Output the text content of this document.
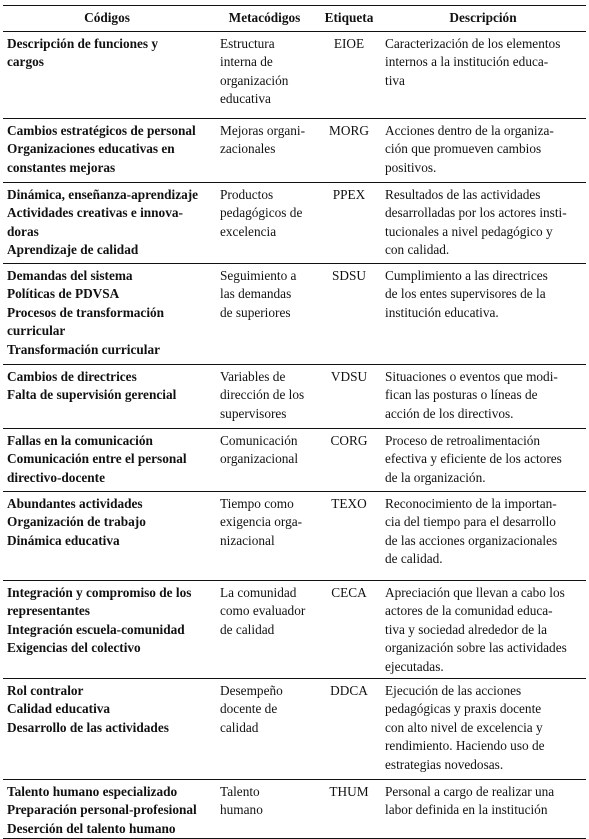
Códigos	Metacódigos	Etiqueta	Descripción

Descripción de funciones y
cargos	Estructura
interna de
organización
educativa	EIOE	Caracterización de los elementos
internos a la institución educa-
tiva

Cambios estratégicos de personal
Organizaciones educativas en
constantes mejoras	Mejoras organi-
zacionales	MORG	Acciones dentro de la organiza-
ción que promueven cambios
positivos.

Dinámica, enseñanza-aprendizaje
Actividades creativas e innova-
doras
Aprendizaje de calidad	Productos
pedagógicos de
excelencia	PPEX	Resultados de las actividades
desarrolladas por los actores insti-
tucionales a nivel pedagógico y
con calidad.

Demandas del sistema
Políticas de PDVSA
Procesos de transformación
curricular
Transformación curricular	Seguimiento a
las demandas
de superiores	SDSU	Cumplimiento a las directrices
de los entes supervisores de la
institución educativa.

Cambios de directrices
Falta de supervisión gerencial	Variables de
dirección de los
supervisores	VDSU	Situaciones o eventos que modi-
fican las posturas o líneas de
acción de los directivos.

Fallas en la comunicación
Comunicación entre el personal
directivo-docente	Comunicación
organizacional	CORG	Proceso de retroalimentación
efectiva y eficiente de los actores
de la organización.

Abundantes actividades
Organización de trabajo
Dinámica educativa	Tiempo como
exigencia orga-
nizacional	TEXO	Reconocimiento de la importan-
cia del tiempo para el desarrollo
de las acciones organizacionales
de calidad.

Integración y compromiso de los
representantes
Integración escuela-comunidad
Exigencias del colectivo	La comunidad
como evaluador
de calidad	CECA	Apreciación que llevan a cabo los
actores de la comunidad educa-
tiva y sociedad alrededor de la
organización sobre las actividades
ejecutadas.

Rol contralor
Calidad educativa
Desarrollo de las actividades	Desempeño
docente de
calidad	DDCA	Ejecución de las acciones
pedagógicas y praxis docente
con alto nivel de excelencia y
rendimiento. Haciendo uso de
estrategias novedosas.

Talento humano especializado
Preparación personal-profesional
Deserción del talento humano	Talento
humano	THUM	Personal a cargo de realizar una
labor definida en la institución
